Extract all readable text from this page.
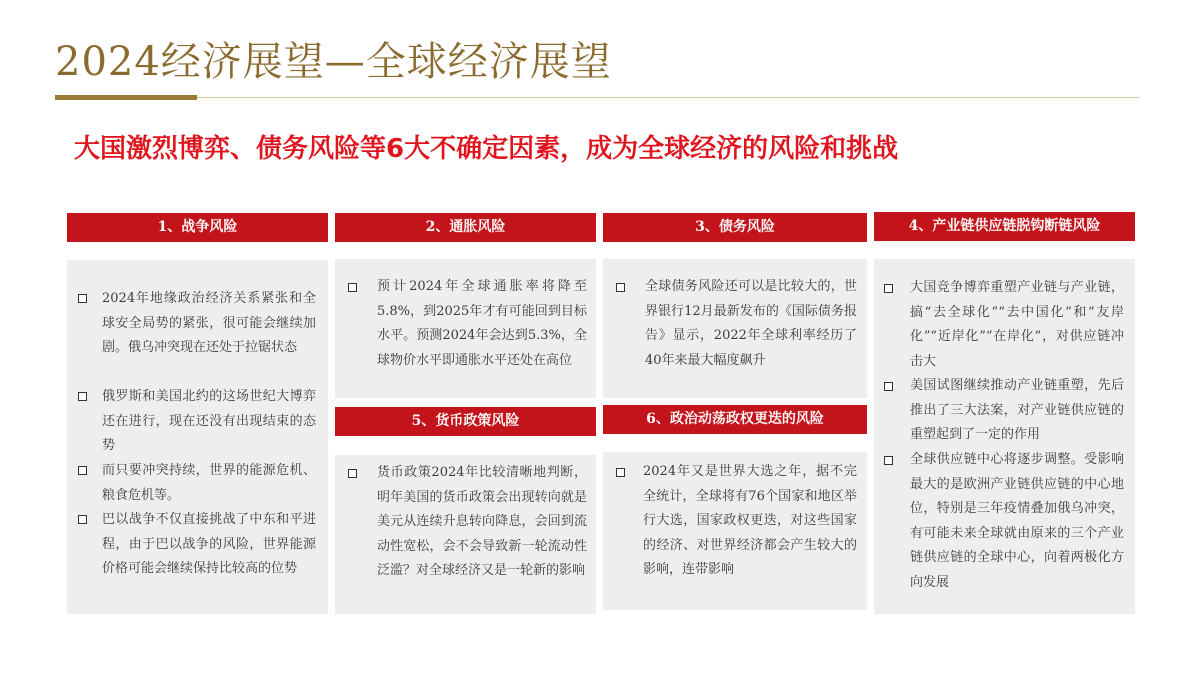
2024经济展望—全球经济展望
大国激烈博弈、债务风险等6大不确定因素，成为全球经济的风险和挑战
1、战争风险
2024年地缘政治经济关系紧张和全球安全局势的紧张，很可能会继续加剧。俄乌冲突现在还处于拉锯状态
俄罗斯和美国北约的这场世纪大博弈还在进行，现在还没有出现结束的态势
而只要冲突持续，世界的能源危机、粮食危机等。
巴以战争不仅直接挑战了中东和平进程，由于巴以战争的风险，世界能源价格可能会继续保持比较高的位势
2、通胀风险
预计2024年全球通胀率将降至5.8%，到2025年才有可能回到目标水平。预测2024年会达到5.3%，全球物价水平即通胀水平还处在高位
3、债务风险
全球债务风险还可以是比较大的，世界银行12月最新发布的《国际债务报告》显示，2022年全球利率经历了40年来最大幅度飙升
4、产业链供应链脱钩断链风险
大国竞争博弈重塑产业链与产业链，搞“去全球化”“去中国化”和“友岸化”“近岸化”“在岸化”，对供应链冲击大
美国试图继续推动产业链重塑，先后推出了三大法案，对产业链供应链的重塑起到了一定的作用
全球供应链中心将逐步调整。受影响最大的是欧洲产业链供应链的中心地位，特别是三年疫情叠加俄乌冲突，有可能未来全球就由原来的三个产业链供应链的全球中心，向着两极化方向发展
5、货币政策风险
货币政策2024年比较清晰地判断，明年美国的货币政策会出现转向就是美元从连续升息转向降息，会回到流动性宽松，会不会导致新一轮流动性泛滥？对全球经济又是一轮新的影响
6、政治动荡政权更迭的风险
2024年又是世界大选之年，据不完全统计，全球将有76个国家和地区举行大选，国家政权更迭，对这些国家的经济、对世界经济都会产生较大的影响，连带影响
